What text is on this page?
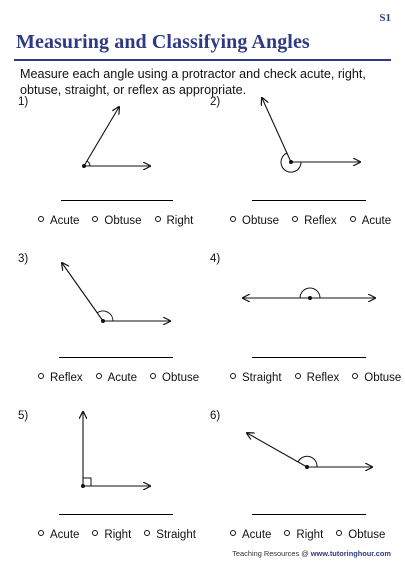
S1
Measuring and Classifying Angles
Measure each angle using a protractor and check acute, right, obtuse, straight, or reflex as appropriate.
1)
Acute Obtuse Right
2)
Obtuse Reflex Acute
3)
Reflex Acute Obtuse
4)
Straight Reflex Obtuse
5)
Acute Right Straight
6)
Acute Right Obtuse
Teaching Resources @ www.tutoringhour.com
